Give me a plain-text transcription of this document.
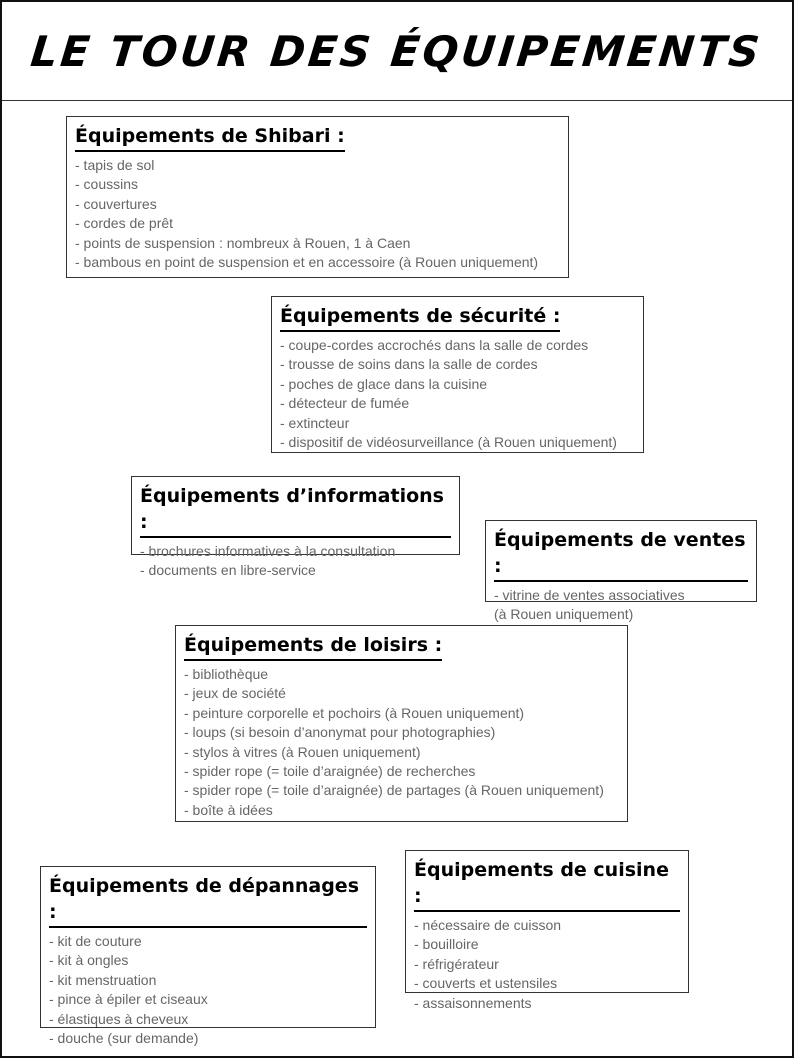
LE TOUR DES ÉQUIPEMENTS
Équipements de Shibari :
- tapis de sol
- coussins
- couvertures
- cordes de prêt
- points de suspension : nombreux à Rouen, 1 à Caen
- bambous en point de suspension et en accessoire (à Rouen uniquement)
Équipements de sécurité :
- coupe-cordes accrochés dans la salle de cordes
- trousse de soins dans la salle de cordes
- poches de glace dans la cuisine
- détecteur de fumée
- extincteur
- dispositif de vidéosurveillance (à Rouen uniquement)
Équipements d’informations :
- brochures informatives à la consultation
- documents en libre-service
Équipements de ventes :
- vitrine de ventes associatives
(à Rouen uniquement)
Équipements de loisirs :
- bibliothèque
- jeux de société
- peinture corporelle et pochoirs (à Rouen uniquement)
- loups (si besoin d’anonymat pour photographies)
- stylos à vitres (à Rouen uniquement)
- spider rope (= toile d’araignée) de recherches
- spider rope (= toile d’araignée) de partages (à Rouen uniquement)
- boîte à idées
Équipements de dépannages :
- kit de couture
- kit à ongles
- kit menstruation
- pince à épiler et ciseaux
- élastiques à cheveux
- douche (sur demande)
Équipements de cuisine :
- nécessaire de cuisson
- bouilloire
- réfrigérateur
- couverts et ustensiles
- assaisonnements
